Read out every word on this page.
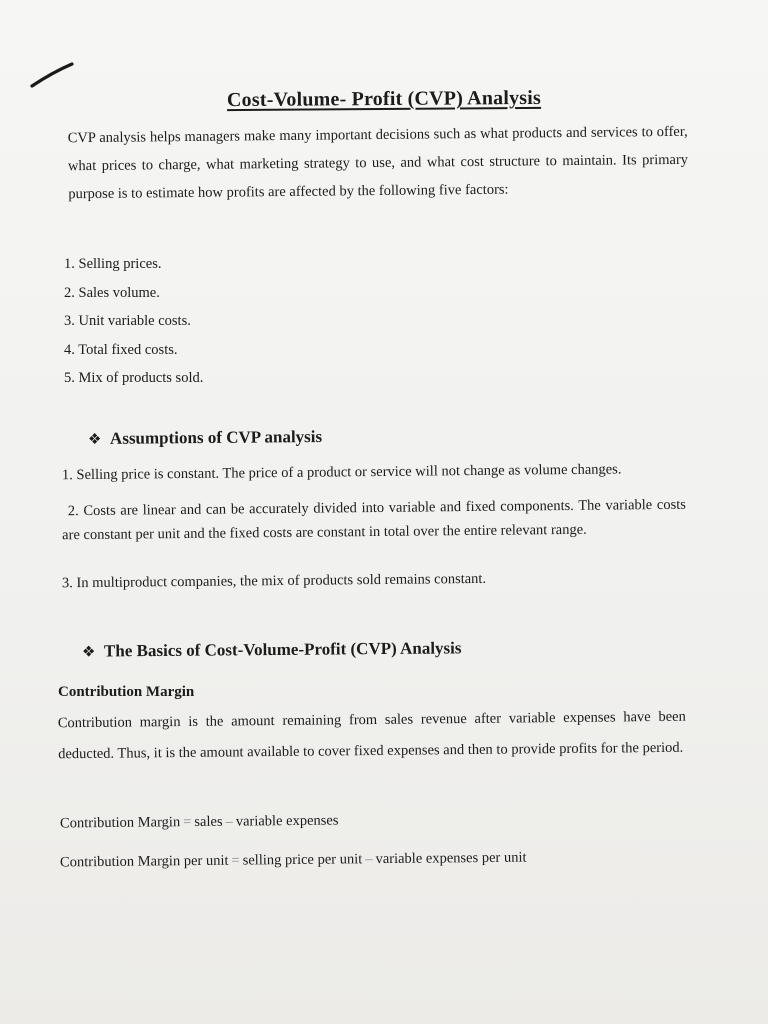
Cost-Volume- Profit (CVP) Analysis
CVP analysis helps managers make many important decisions such as what products and services to offer, what prices to charge, what marketing strategy to use, and what cost structure to maintain. Its primary purpose is to estimate how profits are affected by the following five factors:
1. Selling prices.
2. Sales volume.
3. Unit variable costs.
4. Total fixed costs.
5. Mix of products sold.
❖ Assumptions of CVP analysis
1. Selling price is constant. The price of a product or service will not change as volume changes.
2. Costs are linear and can be accurately divided into variable and fixed components. The variable costs are constant per unit and the fixed costs are constant in total over the entire relevant range.
3. In multiproduct companies, the mix of products sold remains constant.
❖ The Basics of Cost-Volume-Profit (CVP) Analysis
Contribution Margin
Contribution margin is the amount remaining from sales revenue after variable expenses have been deducted. Thus, it is the amount available to cover fixed expenses and then to provide profits for the period.
Contribution Margin = sales – variable expenses
Contribution Margin per unit = selling price per unit – variable expenses per unit
